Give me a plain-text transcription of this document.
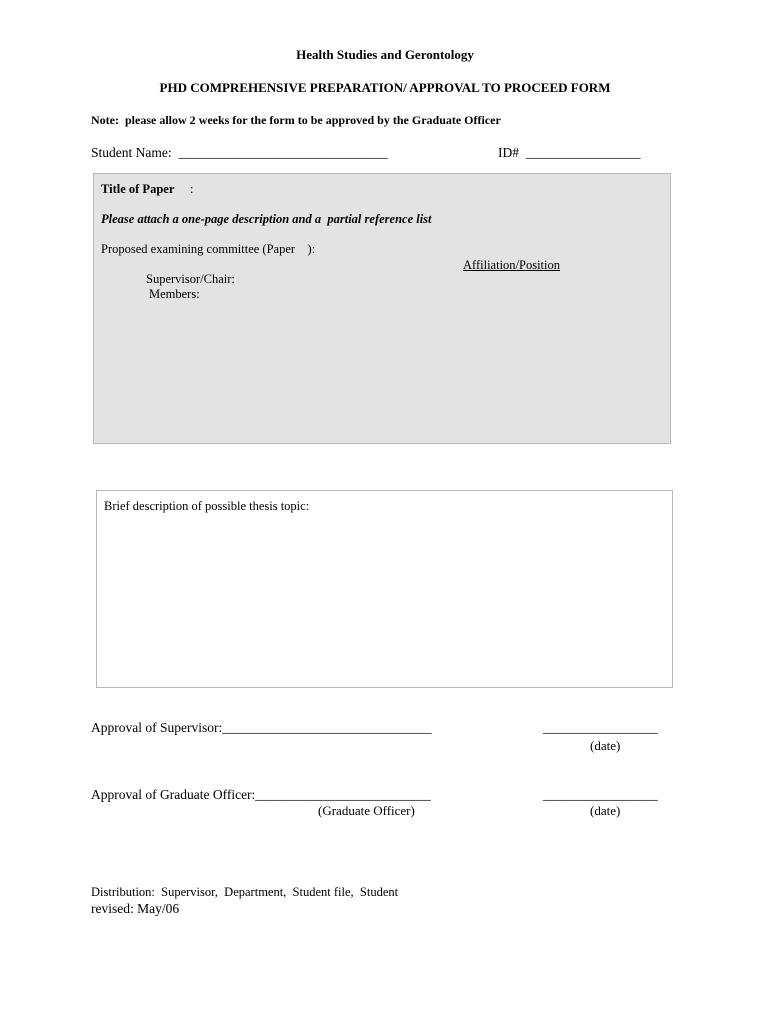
Health Studies and Gerontology
PHD COMPREHENSIVE PREPARATION/ APPROVAL TO PROCEED FORM
Note:  please allow 2 weeks for the form to be approved by the Graduate Officer
Student Name:  _______________________________	ID#  _________________
Title of Paper :
Please attach a one-page description and a  partial reference list
Proposed examining committee (Paper    ):
Affiliation/Position
Supervisor/Chair:
Members:
Brief description of possible thesis topic:
Approval of Supervisor:_______________________________	_________________
(date)
Approval of Graduate Officer:__________________________	_________________
(Graduate Officer)	(date)
Distribution:  Supervisor,  Department,  Student file,  Student
revised: May/06
